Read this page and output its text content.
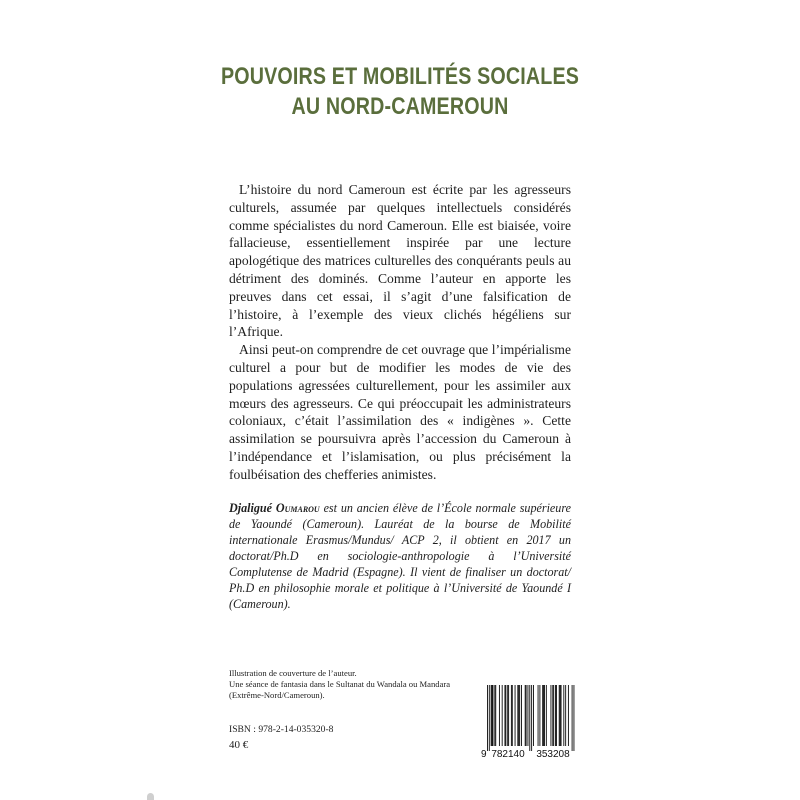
POUVOIRS ET MOBILITÉS SOCIALES
AU NORD-CAMEROUN

L’histoire du nord Cameroun est écrite par les agresseurs culturels, assumée par quelques intellectuels considérés comme spécialistes du nord Cameroun. Elle est biaisée, voire fallacieuse, essentiellement inspirée par une lecture apologétique des matrices culturelles des conquérants peuls au détriment des dominés. Comme l’auteur en apporte les preuves dans cet essai, il s’agit d’une falsification de l’histoire, à l’exemple des vieux clichés hégéliens sur l’Afrique.

Ainsi peut-on comprendre de cet ouvrage que l’impérialisme culturel a pour but de modifier les modes de vie des populations agressées culturellement, pour les assimiler aux mœurs des agresseurs. Ce qui préoccupait les administrateurs coloniaux, c’était l’assimilation des « indigènes ». Cette assimilation se poursuivra après l’accession du Cameroun à l’indépendance et l’islamisation, ou plus précisément la foulbéisation des chefferies animistes.

Djaligué Oumarou est un ancien élève de l’École normale supérieure de Yaoundé (Cameroun). Lauréat de la bourse de Mobilité internationale Erasmus/Mundus/ ACP 2, il obtient en 2017 un doctorat/Ph.D en sociologie-anthropologie à l’Université Complutense de Madrid (Espagne). Il vient de finaliser un doctorat/ Ph.D en philosophie morale et politique à l’Université de Yaoundé I (Cameroun).
Illustration de couverture de l’auteur.
Une séance de fantasia dans le Sultanat du Wandala ou Mandara
(Extrême-Nord/Cameroun).
ISBN : 978-2-14-035320-8
40 €
9 782140 353208
